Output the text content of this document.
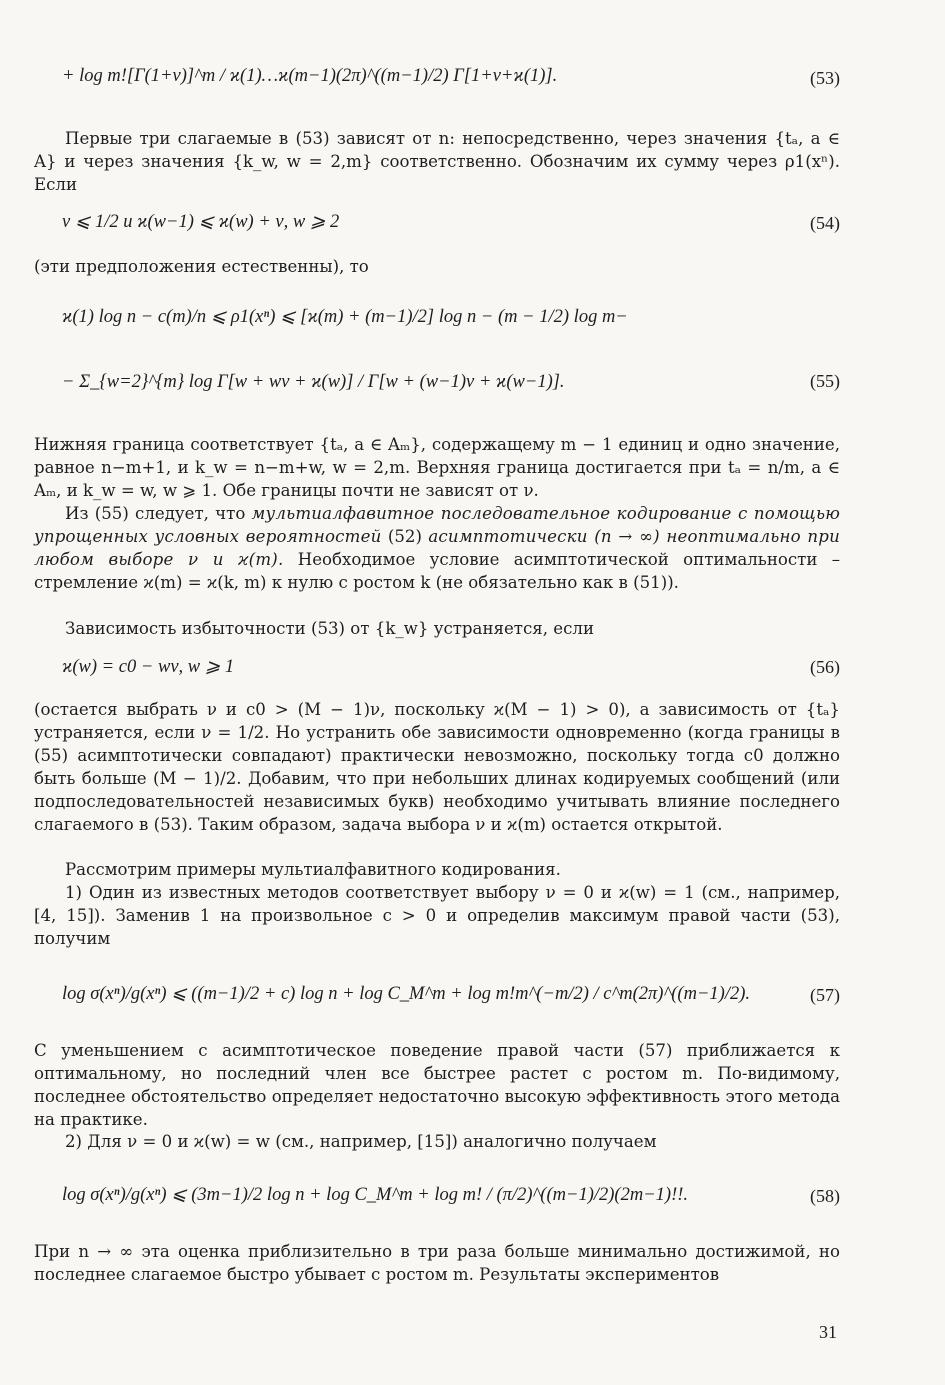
+ log m![Γ(1+ν)]^m / ϰ(1)…ϰ(m−1)(2π)^((m−1)/2) Γ[1+ν+ϰ(1)].	(53)
Первые три слагаемые в (53) зависят от n: непосредственно, через значения {tₐ, a ∈ A} и через значения {k_w, w = 2,m} соответственно. Обозначим их сумму через ρ1(xⁿ). Если
ν ⩽ 1/2 и ϰ(w−1) ⩽ ϰ(w) + ν, w ⩾ 2	(54)
(эти предположения естественны), то
ϰ(1) log n − c(m)/n ⩽ ρ1(xⁿ) ⩽ [ϰ(m) + (m−1)/2] log n − (m − 1/2) log m−
− Σ_{w=2}^{m} log Γ[w + wν + ϰ(w)] / Γ[w + (w−1)ν + ϰ(w−1)].	(55)
Нижняя граница соответствует {tₐ, a ∈ Aₘ}, содержащему m − 1 единиц и одно значение, равное n−m+1, и k_w = n−m+w, w = 2,m. Верхняя граница достигается при tₐ = n/m, a ∈ Aₘ, и k_w = w, w ⩾ 1. Обе границы почти не зависят от ν.
Из (55) следует, что мультиалфавитное последовательное кодирование с помощью упрощенных условных вероятностей (52) асимптотически (n → ∞) неоптимально при любом выборе ν и ϰ(m). Необходимое условие асимптотической оптимальности – стремление ϰ(m) = ϰ(k, m) к нулю с ростом k (не обязательно как в (51)).
Зависимость избыточности (53) от {k_w} устраняется, если
ϰ(w) = c0 − wν, w ⩾ 1	(56)
(остается выбрать ν и c0 > (M − 1)ν, поскольку ϰ(M − 1) > 0), а зависимость от {tₐ} устраняется, если ν = 1/2. Но устранить обе зависимости одновременно (когда границы в (55) асимптотически совпадают) практически невозможно, поскольку тогда c0 должно быть больше (M − 1)/2. Добавим, что при небольших длинах кодируемых сообщений (или подпоследовательностей независимых букв) необходимо учитывать влияние последнего слагаемого в (53). Таким образом, задача выбора ν и ϰ(m) остается открытой.
Рассмотрим примеры мультиалфавитного кодирования.
1) Один из известных методов соответствует выбору ν = 0 и ϰ(w) = 1 (см., например, [4, 15]). Заменив 1 на произвольное c > 0 и определив максимум правой части (53), получим
log σ(xⁿ)/g(xⁿ) ⩽ ((m−1)/2 + c) log n + log C_M^m + log m!m^(−m/2) / c^m(2π)^((m−1)/2).	(57)
С уменьшением c асимптотическое поведение правой части (57) приближается к оптимальному, но последний член все быстрее растет с ростом m. По-видимому, последнее обстоятельство определяет недостаточно высокую эффективность этого метода на практике.
2) Для ν = 0 и ϰ(w) = w (см., например, [15]) аналогично получаем
log σ(xⁿ)/g(xⁿ) ⩽ (3m−1)/2 log n + log C_M^m + log m! / (π/2)^((m−1)/2)(2m−1)!!.	(58)
При n → ∞ эта оценка приблизительно в три раза больше минимально достижимой, но последнее слагаемое быстро убывает с ростом m. Результаты экспериментов
31
